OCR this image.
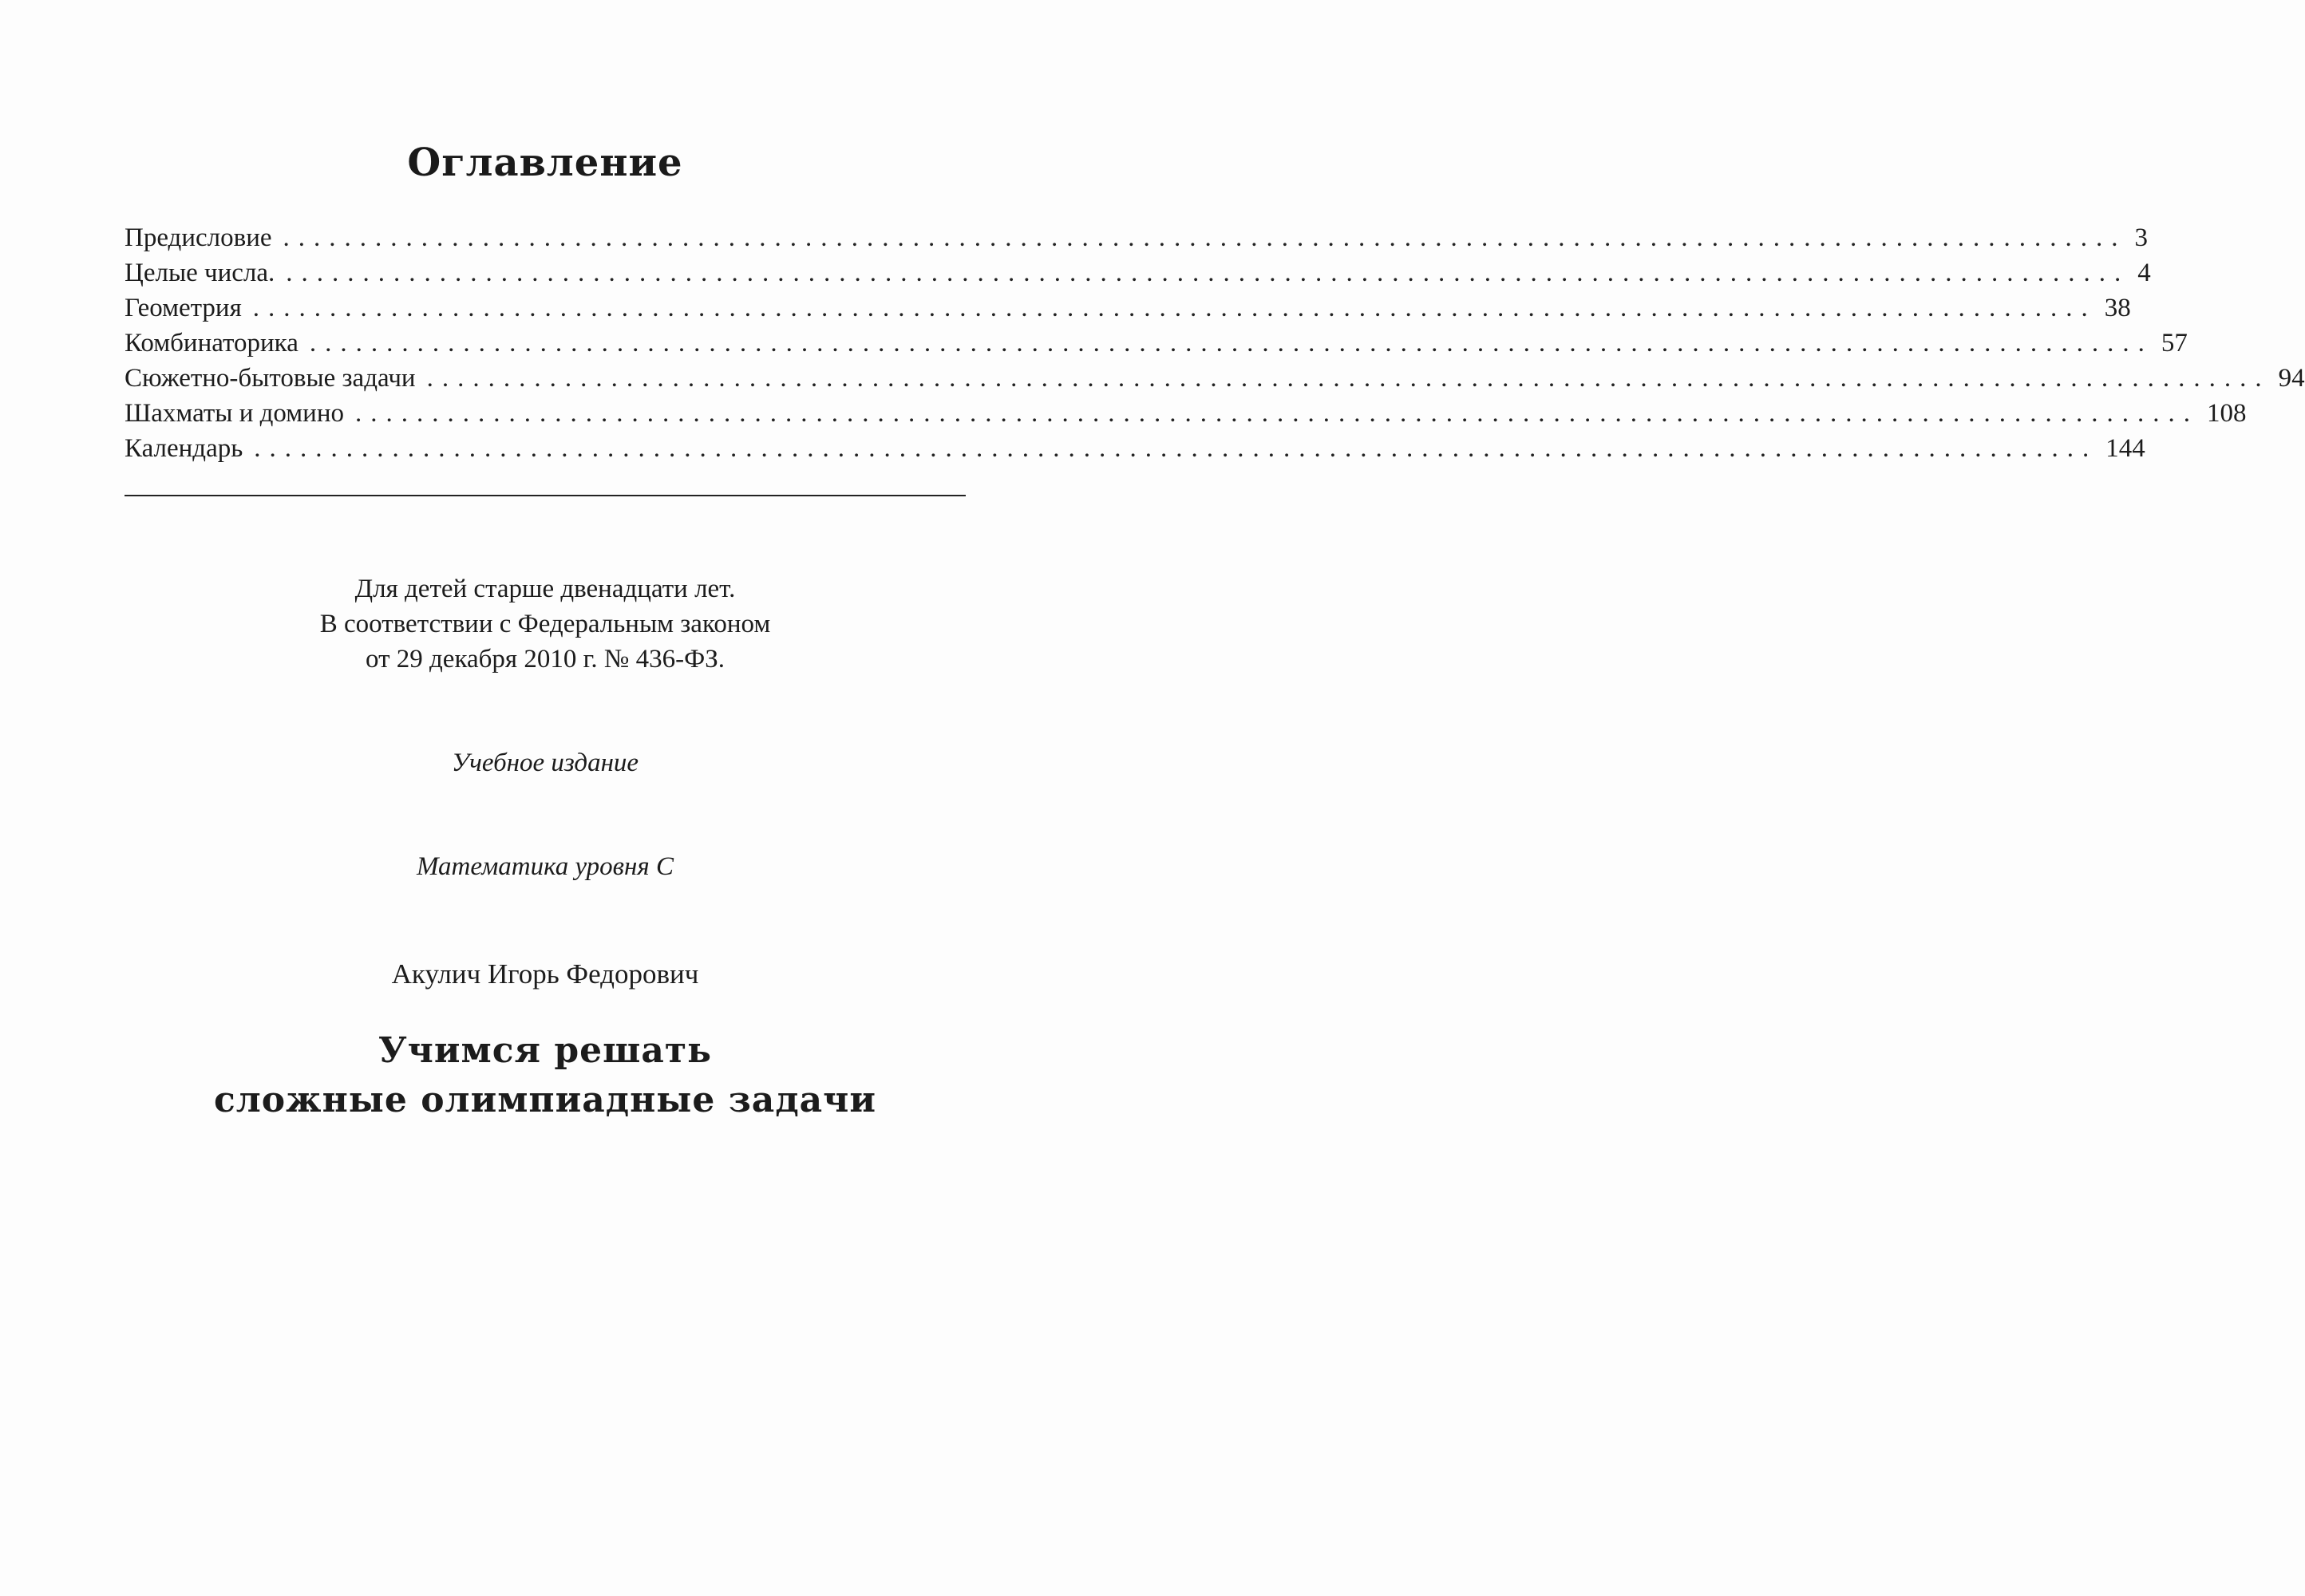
Оглавление
Предисловие ........................................................................................................................ 3
Целые числа. ........................................................................................................................ 4
Геометрия ........................................................................................................................ 38
Комбинаторика ........................................................................................................................ 57
Сюжетно-бытовые задачи ........................................................................................................................ 94
Шахматы и домино ........................................................................................................................ 108
Календарь ........................................................................................................................ 144
Для детей старше двенадцати лет.
В соответствии с Федеральным законом
от 29 декабря 2010 г. № 436-ФЗ.
Учебное издание
Математика уровня С
Акулич Игорь Федорович
Учимся решать
сложные олимпиадные задачи
